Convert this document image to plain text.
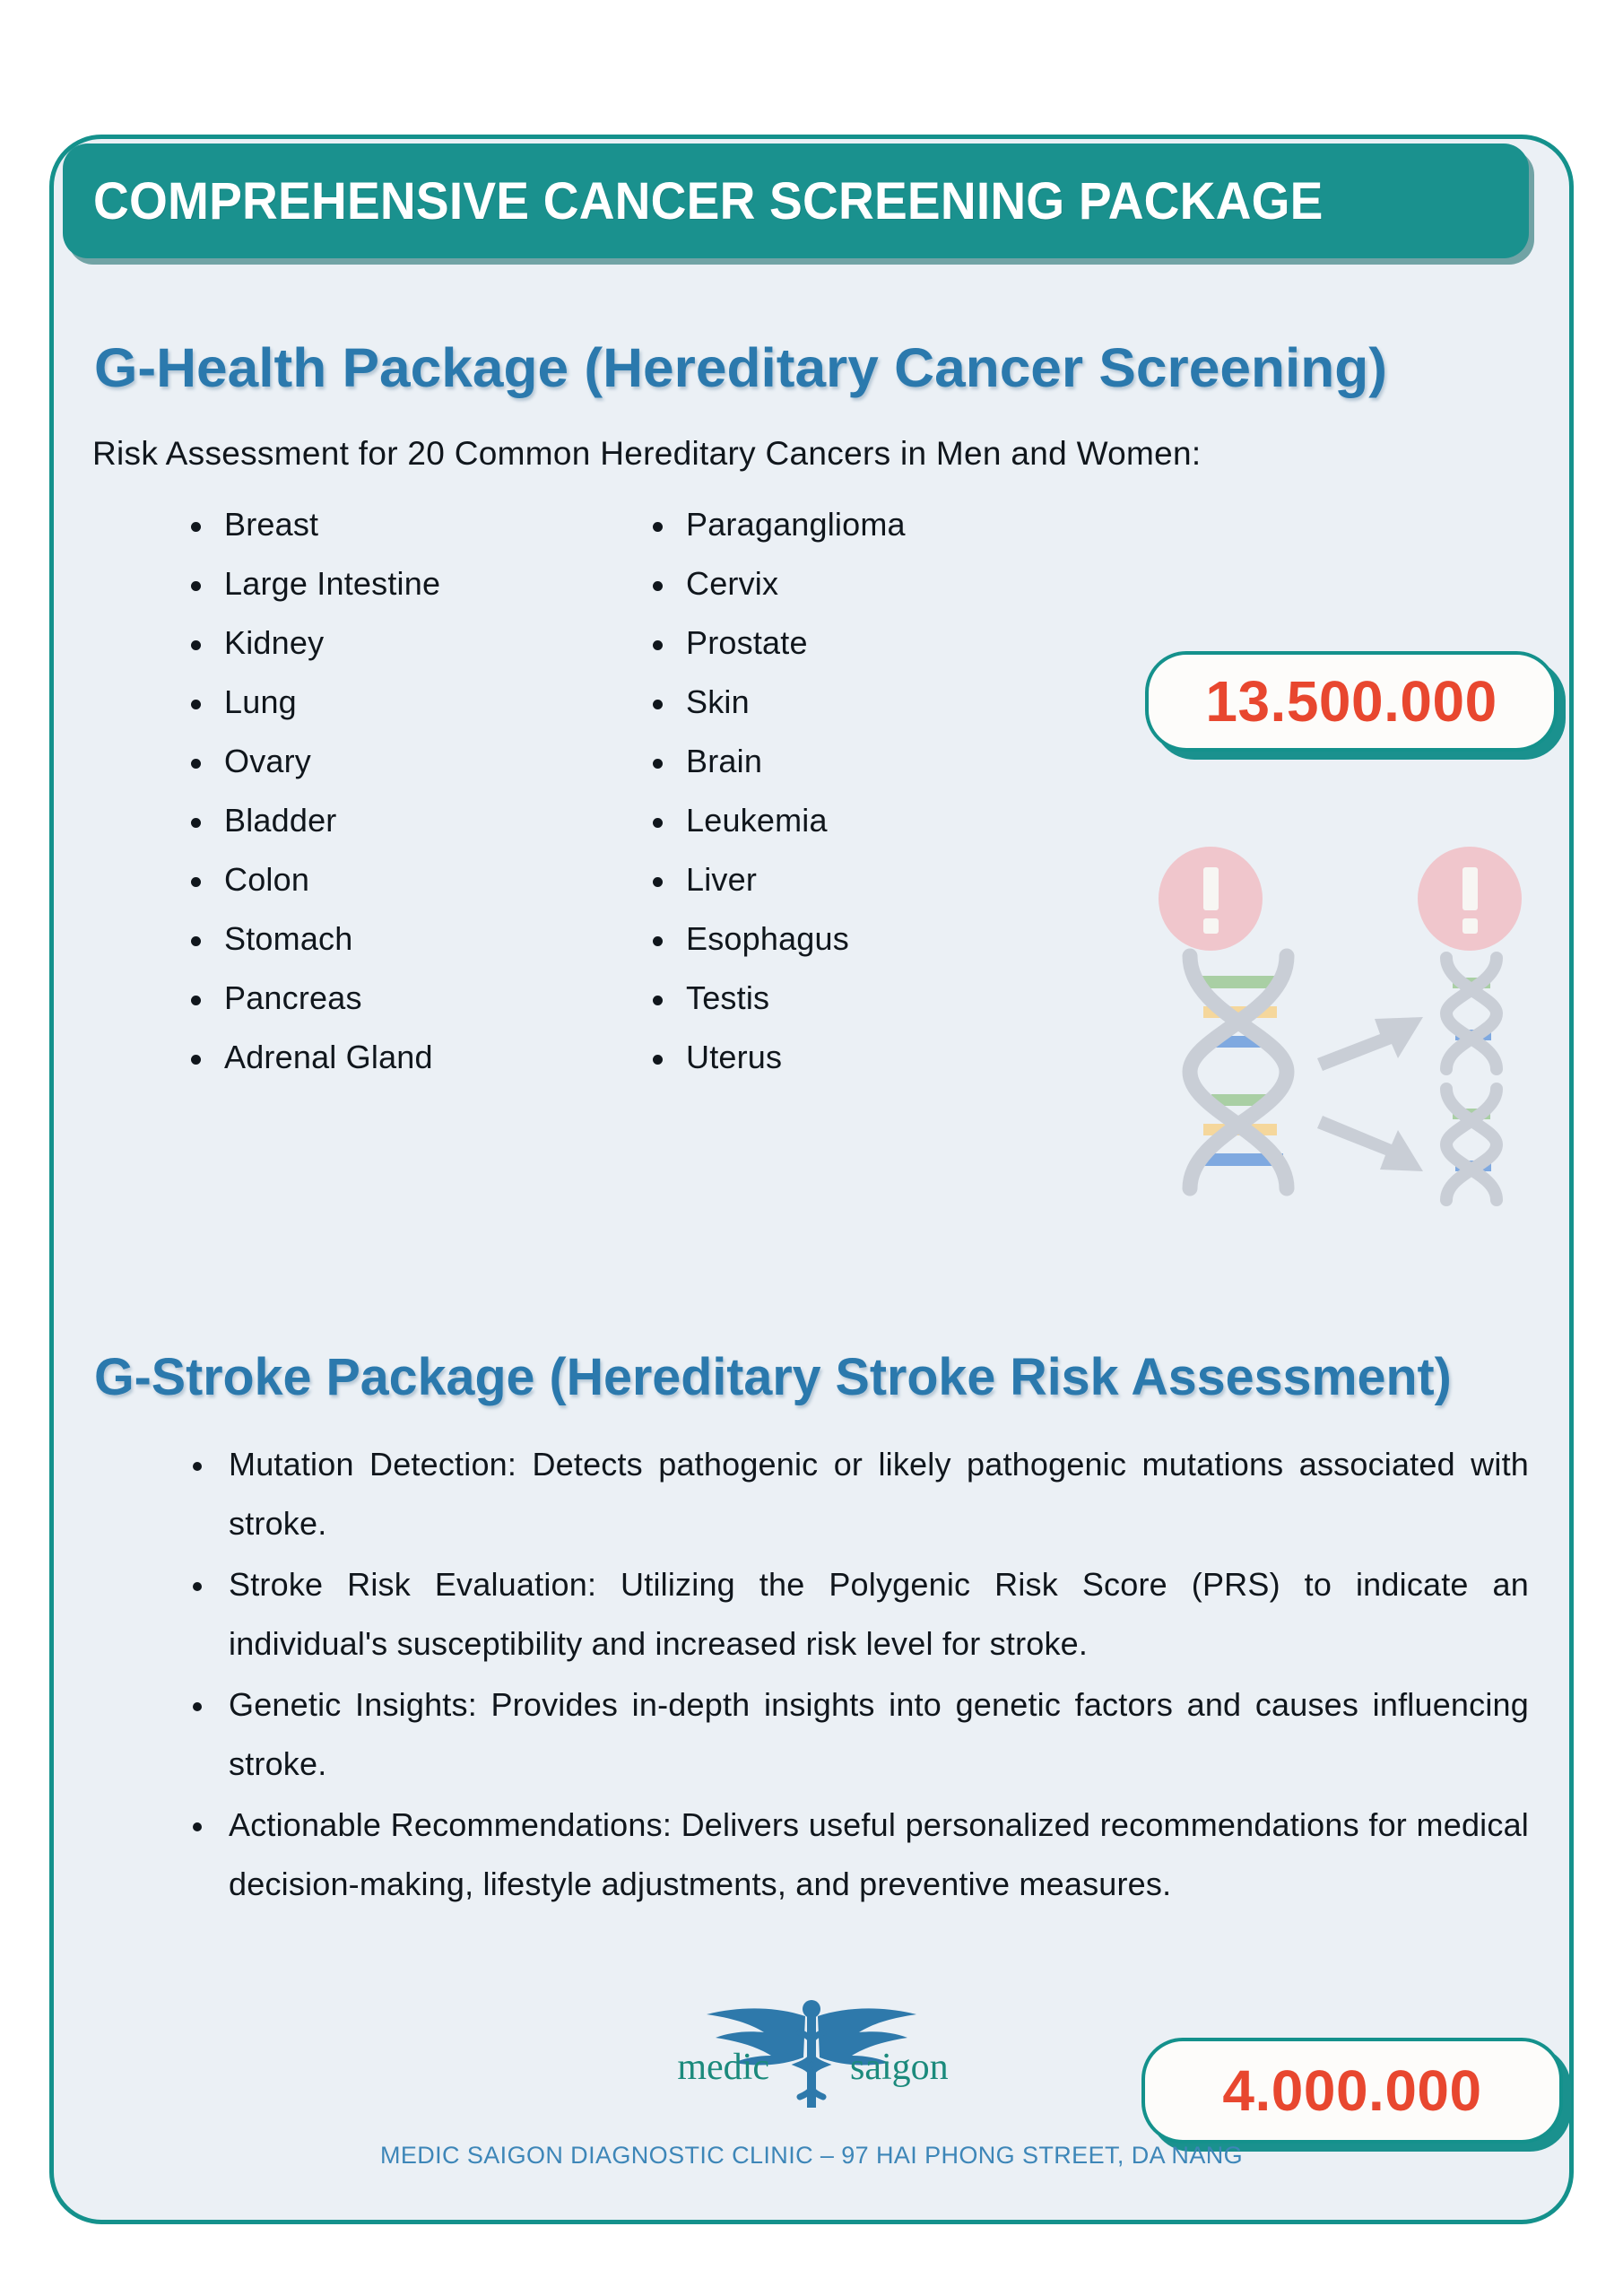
COMPREHENSIVE CANCER SCREENING PACKAGE
G-Health Package (Hereditary Cancer Screening)
Risk Assessment for 20 Common Hereditary Cancers in Men and Women:
Breast
Large Intestine
Kidney
Lung
Ovary
Bladder
Colon
Stomach
Pancreas
Adrenal Gland
Paraganglioma
Cervix
Prostate
Skin
Brain
Leukemia
Liver
Esophagus
Testis
Uterus
13.500.000
G-Stroke Package (Hereditary Stroke Risk Assessment)
Mutation Detection: Detects pathogenic or likely pathogenic mutations associated with stroke.
Stroke Risk Evaluation: Utilizing the Polygenic Risk Score (PRS) to indicate an individual's susceptibility and increased risk level for stroke.
Genetic Insights: Provides in-depth insights into genetic factors and causes influencing stroke.
Actionable Recommendations: Delivers useful personalized recommendations for medical decision-making, lifestyle adjustments, and preventive measures.
4.000.000
medic saigon
MEDIC SAIGON DIAGNOSTIC CLINIC – 97 HAI PHONG STREET, DA NANG
